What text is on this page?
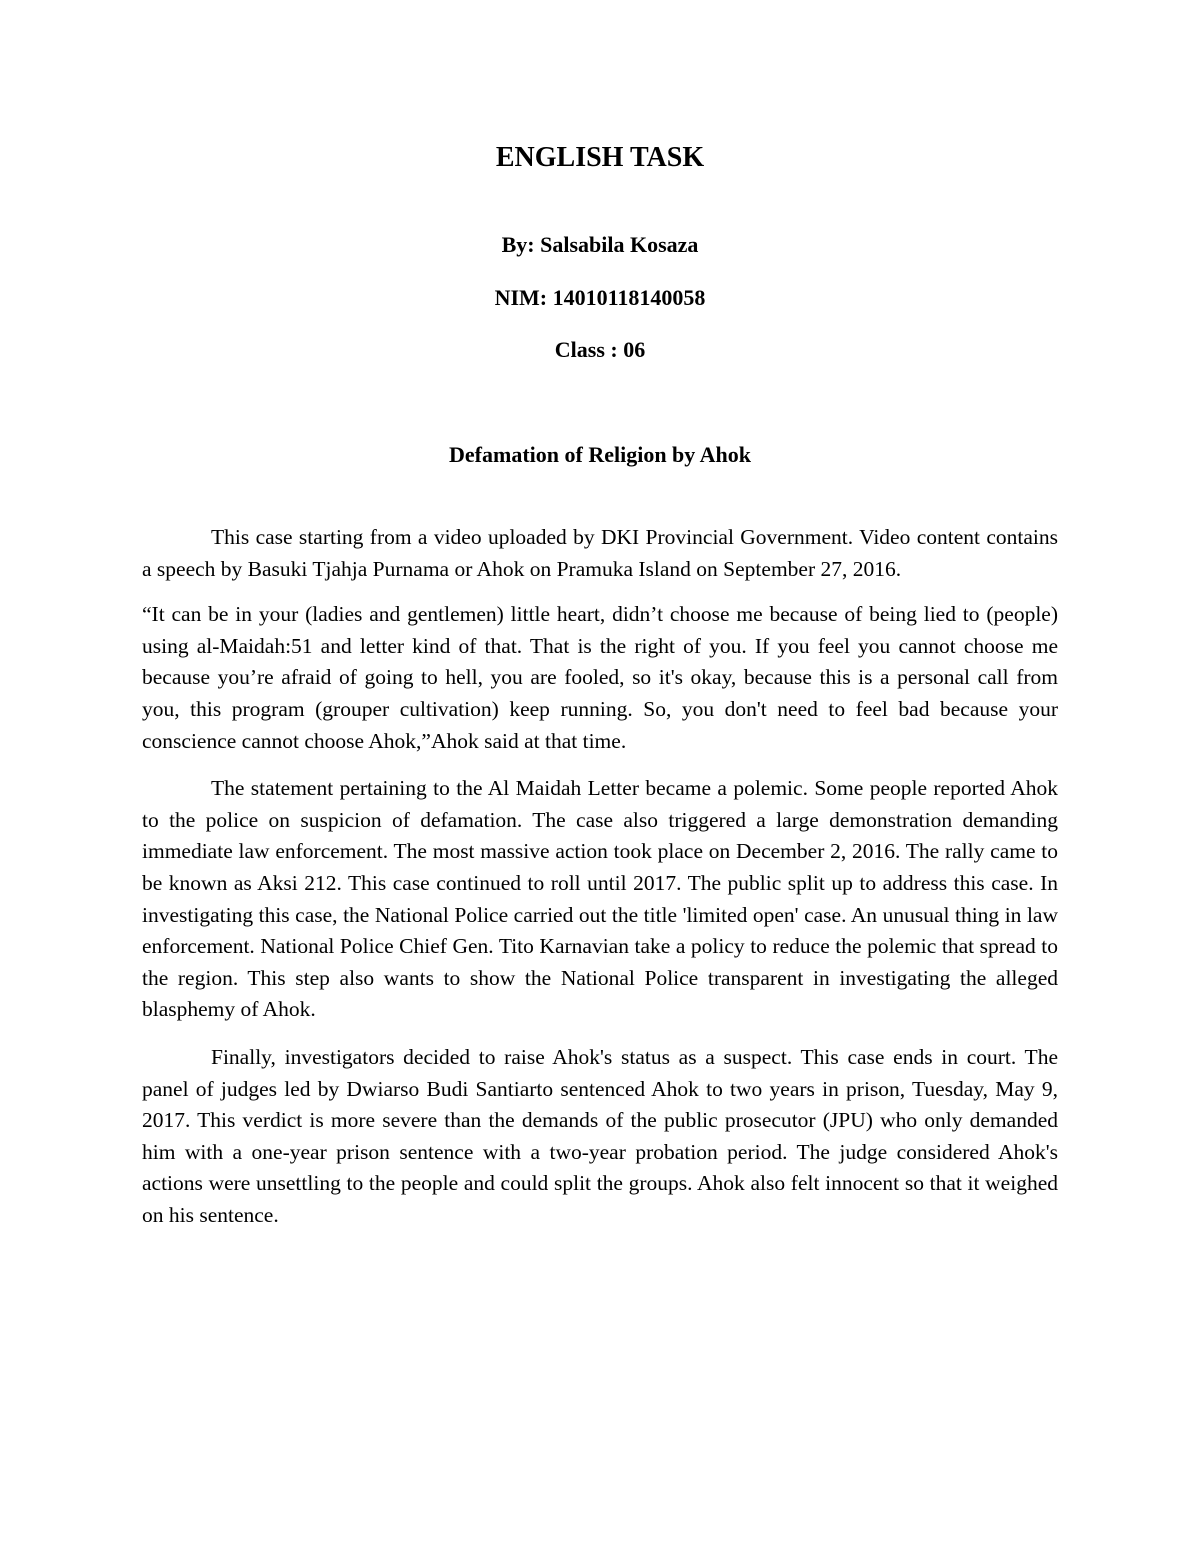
ENGLISH TASK
By: Salsabila Kosaza
NIM: 14010118140058
Class : 06
Defamation of Religion by Ahok

This case starting from a video uploaded by DKI Provincial Government. Video content contains a speech by Basuki Tjahja Purnama or Ahok on Pramuka Island on September 27, 2016.

“It can be in your (ladies and gentlemen) little heart, didn’t choose me because of being lied to (people) using al-Maidah:51 and letter kind of that. That is the right of you. If you feel you cannot choose me because you’re afraid of going to hell, you are fooled, so it's okay, because this is a personal call from you, this program (grouper cultivation) keep running. So, you don't need to feel bad because your conscience cannot choose Ahok,”Ahok said at that time.

The statement pertaining to the Al Maidah Letter became a polemic. Some people reported Ahok to the police on suspicion of defamation. The case also triggered a large demonstration demanding immediate law enforcement. The most massive action took place on December 2, 2016. The rally came to be known as Aksi 212. This case continued to roll until 2017. The public split up to address this case. In investigating this case, the National Police carried out the title 'limited open' case. An unusual thing in law enforcement. National Police Chief Gen. Tito Karnavian take a policy to reduce the polemic that spread to the region. This step also wants to show the National Police transparent in investigating the alleged blasphemy of Ahok.

Finally, investigators decided to raise Ahok's status as a suspect. This case ends in court. The panel of judges led by Dwiarso Budi Santiarto sentenced Ahok to two years in prison, Tuesday, May 9, 2017. This verdict is more severe than the demands of the public prosecutor (JPU) who only demanded him with a one-year prison sentence with a two-year probation period. The judge considered Ahok's actions were unsettling to the people and could split the groups. Ahok also felt innocent so that it weighed on his sentence.
